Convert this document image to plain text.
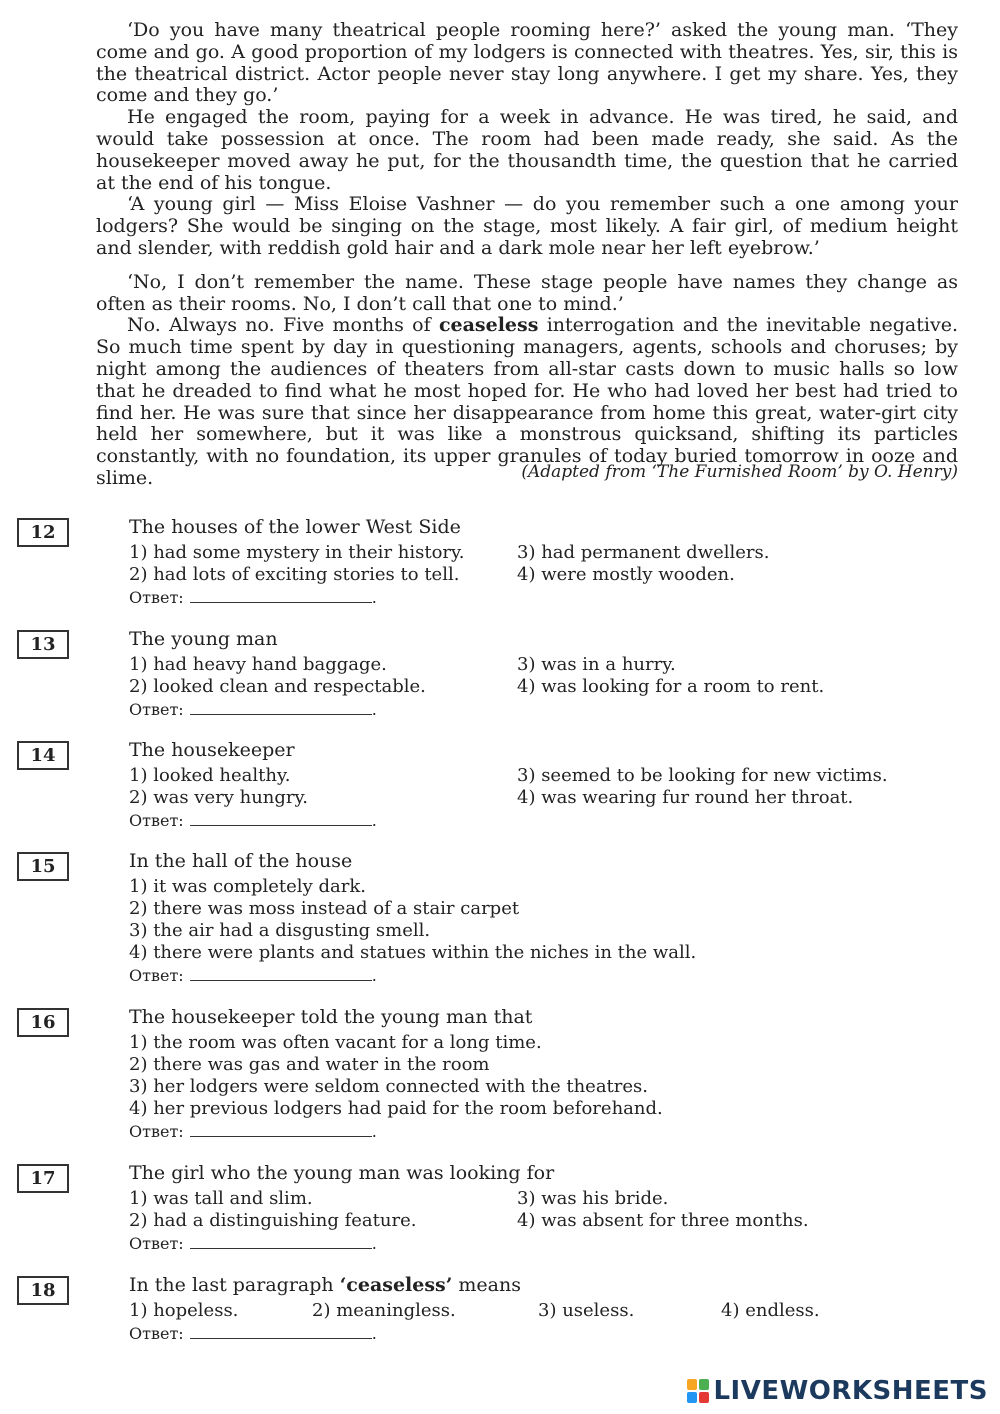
‘Do you have many theatrical people rooming here?’ asked the young man. ‘They come and go. A good proportion of my lodgers is connected with theatres. Yes, sir, this is the theatrical district. Actor people never stay long anywhere. I get my share. Yes, they come and they go.’

He engaged the room, paying for a week in advance. He was tired, he said, and would take possession at once. The room had been made ready, she said. As the housekeeper moved away he put, for the thousandth time, the question that he carried at the end of his tongue.

‘A young girl — Miss Eloise Vashner — do you remember such a one among your lodgers? She would be singing on the stage, most likely. A fair girl, of medium height and slender, with reddish gold hair and a dark mole near her left eyebrow.’

‘No, I don’t remember the name. These stage people have names they change as often as their rooms. No, I don’t call that one to mind.’

No. Always no. Five months of ceaseless interrogation and the inevitable negative. So much time spent by day in questioning managers, agents, schools and choruses; by night among the audiences of theaters from all-star casts down to music halls so low that he dreaded to find what he most hoped for. He who had loved her best had tried to find her. He was sure that since her disappearance from home this great, water-girt city held her somewhere, but it was like a monstrous quicksand, shifting its particles constantly, with no foundation, its upper granules of today buried tomorrow in ooze and slime.	(Adapted from ‘The Furnished Room’ by O. Henry)
12	The houses of the lower West Side
1) had some mystery in their history.	3) had permanent dwellers.
2) had lots of exciting stories to tell.	4) were mostly wooden.
Ответ:	.
13	The young man
1) had heavy hand baggage.	3) was in a hurry.
2) looked clean and respectable.	4) was looking for a room to rent.
Ответ:	.
14	The housekeeper
1) looked healthy.	3) seemed to be looking for new victims.
2) was very hungry.	4) was wearing fur round her throat.
Ответ:	.
15	In the hall of the house
1) it was completely dark.
2) there was moss instead of a stair carpet
3) the air had a disgusting smell.
4) there were plants and statues within the niches in the wall.
Ответ:	.
16	The housekeeper told the young man that
1) the room was often vacant for a long time.
2) there was gas and water in the room
3) her lodgers were seldom connected with the theatres.
4) her previous lodgers had paid for the room beforehand.
Ответ:	.
17	The girl who the young man was looking for
1) was tall and slim.	3) was his bride.
2) had a distinguishing feature.	4) was absent for three months.
Ответ:	.
18	In the last paragraph ‘ceaseless’ means
1) hopeless.	2) meaningless.	3) useless.	4) endless.
Ответ:	.
LIVEWORKSHEETS
